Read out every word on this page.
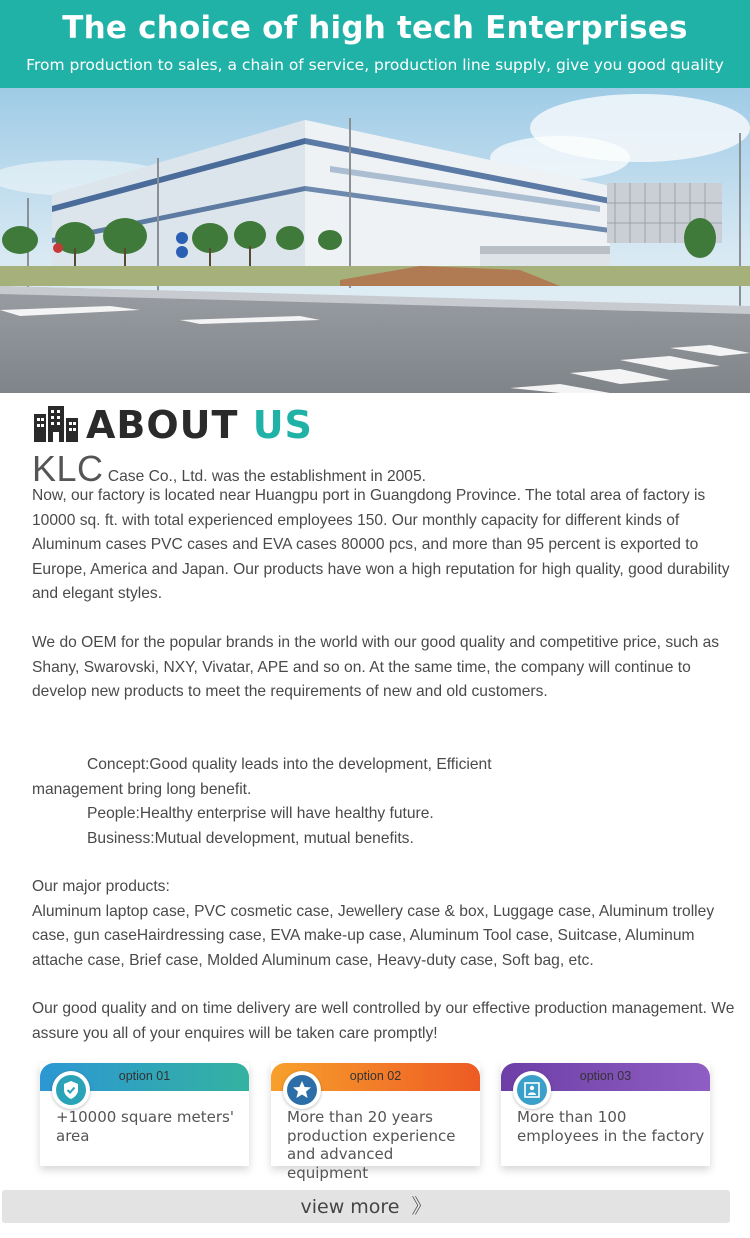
The choice of high tech Enterprises
From production to sales, a chain of service, production line supply, give you good quality
ABOUT US
KLC Case Co., Ltd. was the establishment in 2005.
Now, our factory is located near Huangpu port in Guangdong Province. The total area of factory is 10000 sq. ft. with total experienced employees 150. Our monthly capacity for different kinds of Aluminum cases PVC cases and EVA cases 80000 pcs, and more than 95 percent is exported to Europe, America and Japan. Our products have won a high reputation for high quality, good durability and elegant styles.
We do OEM for the popular brands in the world with our good quality and competitive price, such as Shany, Swarovski, NXY, Vivatar, APE and so on. At the same time, the company will continue to develop new products to meet the requirements of new and old customers.

Concept:Good quality leads into the development, Efficient

management bring long benefit.

People:Healthy enterprise will have healthy future.

Business:Mutual development, mutual benefits.

Our major products:

Aluminum laptop case, PVC cosmetic case, Jewellery case & box, Luggage case, Aluminum trolley case, gun caseHairdressing case, EVA make-up case, Aluminum Tool case, Suitcase, Aluminum attache case, Brief case, Molded Aluminum case, Heavy-duty case, Soft bag, etc.

Our good quality and on time delivery are well controlled by our effective production management. We assure you all of your enquires will be taken care promptly!
option 01
+10000 square meters' area
option 02
More than 20 years production experience and advanced equipment
option 03
More than 100 employees in the factory
view more 》
